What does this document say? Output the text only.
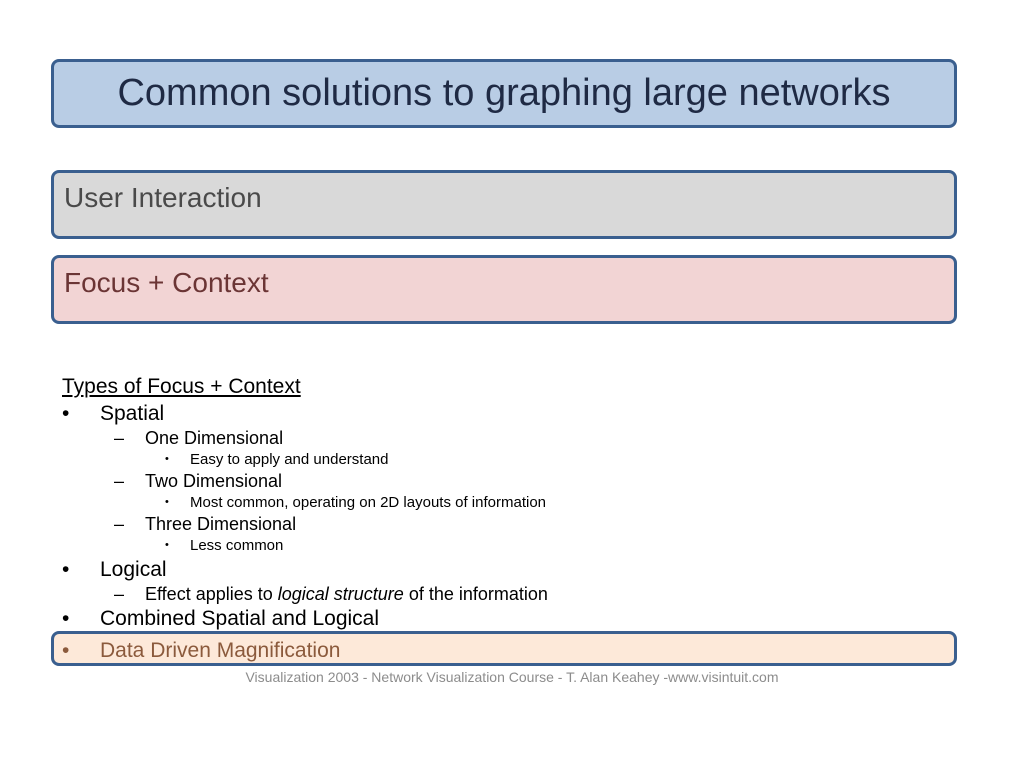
Common solutions to graphing large networks
User Interaction
Focus + Context
Types of Focus + Context
• Spatial
– One Dimensional
• Easy to apply and understand
– Two Dimensional
• Most common, operating on 2D layouts of information
– Three Dimensional
• Less common
• Logical
– Effect applies to logical structure of the information
• Combined Spatial and Logical
• Data Driven Magnification
Visualization 2003 - Network Visualization Course - T. Alan Keahey -www.visintuit.com
